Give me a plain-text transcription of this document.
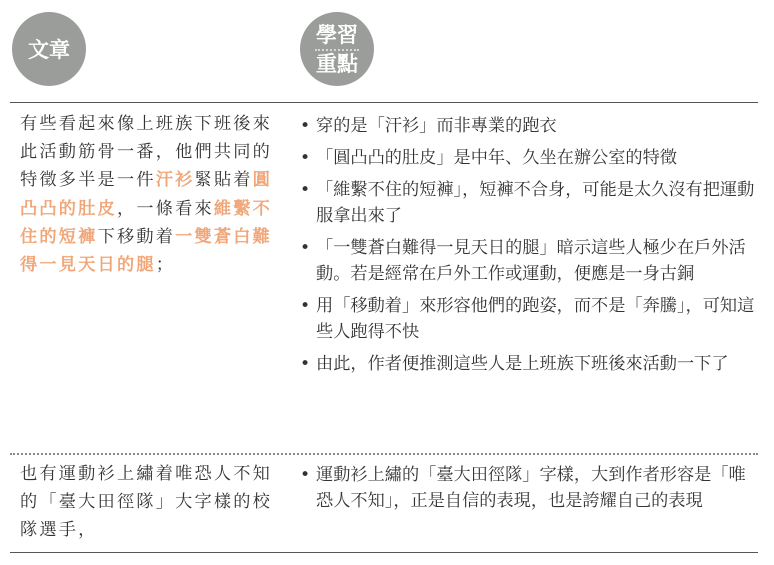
文章
學習
重點
有些看起來像上班族下班後來此活動筋骨一番，他們共同的特徵多半是一件汗衫緊貼着圓凸凸的肚皮，一條看來維繫不住的短褲下移動着一雙蒼白難得一見天日的腿；
• 穿的是「汗衫」而非專業的跑衣
• 「圓凸凸的肚皮」是中年、久坐在辦公室的特徵
• 「維繫不住的短褲」，短褲不合身，可能是太久沒有把運動服拿出來了
• 「一雙蒼白難得一見天日的腿」暗示這些人極少在戶外活動。若是經常在戶外工作或運動，便應是一身古銅
• 用「移動着」來形容他們的跑姿，而不是「奔騰」，可知這些人跑得不快
• 由此，作者便推測這些人是上班族下班後來活動一下了
也有運動衫上繡着唯恐人不知的「臺大田徑隊」大字樣的校隊選手，
• 運動衫上繡的「臺大田徑隊」字樣，大到作者形容是「唯恐人不知」，正是自信的表現，也是誇耀自己的表現
